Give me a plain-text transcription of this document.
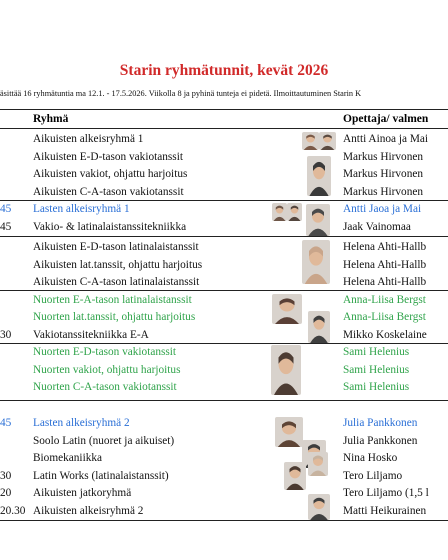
Starin ryhmätunnit, kevät 2026
äsittää 16 ryhmätuntia ma 12.1. - 17.5.2026. Viikolla 8 ja pyhinä tunteja ei pidetä. Ilmoittautuminen Starin K
Ryhmä	Opettaja/ valmen
Aikuisten alkeisryhmä 1	Antti Ainoa ja Mai
Aikuisten E-D-tason vakiotanssit	Markus Hirvonen
Aikuisten vakiot, ohjattu harjoitus	Markus Hirvonen
Aikuisten C-A-tason vakiotanssit	Markus Hirvonen
45 Lasten alkeisryhmä 1	Antti Jaoa ja Mai
45 Vakio- & latinalaistanssitekniikka	Jaak Vainomaa
Aikuisten E-D-tason latinalaistanssit	Helena Ahti-Hallb
Aikuisten lat.tanssit, ohjattu harjoitus	Helena Ahti-Hallb
Aikuisten C-A-tason latinalaistanssit	Helena Ahti-Hallb
Nuorten E-A-tason latinalaistanssit	Anna-Liisa Bergst
Nuorten lat.tanssit, ohjattu harjoitus	Anna-Liisa Bergst
30 Vakiotanssitekniikka E-A	Mikko Koskelaine
Nuorten E-D-tason vakiotanssit	Sami Helenius
Nuorten vakiot, ohjattu harjoitus	Sami Helenius
Nuorten C-A-tason vakiotanssit	Sami Helenius
45 Lasten alkeisryhmä 2	Julia Pankkonen
Soolo Latin (nuoret ja aikuiset)	Julia Pankkonen
Biomekaniikka	Nina Hosko
30 Latin Works (latinalaistanssit)	Tero Liljamo
20 Aikuisten jatkoryhmä	Tero Liljamo (1,5 l
20.30 Aikuisten alkeisryhmä 2	Matti Heikurainen
